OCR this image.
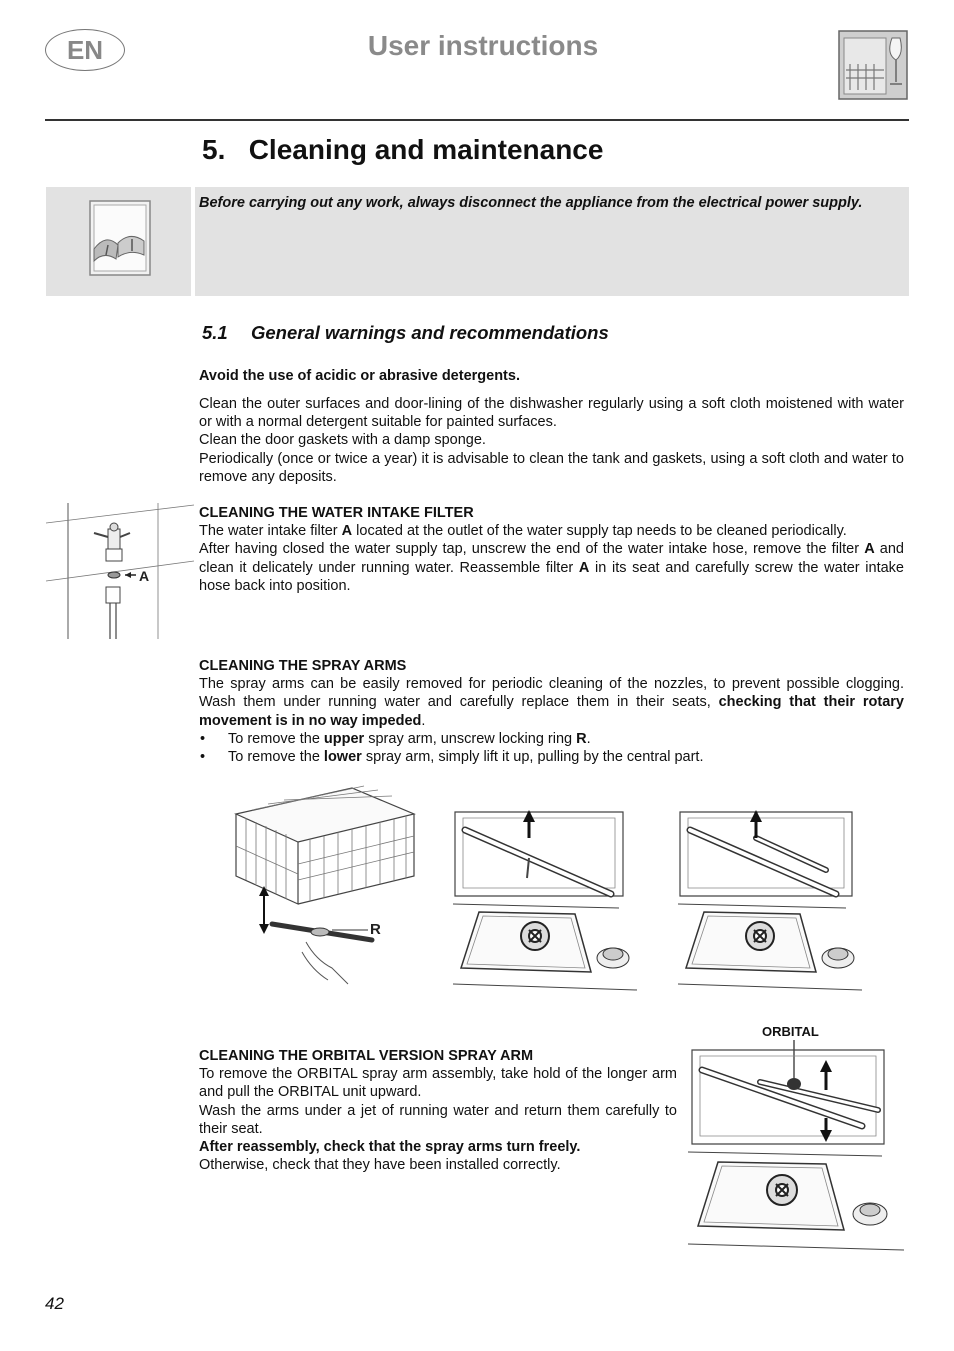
EN	User instructions
5. Cleaning and maintenance
Before carrying out any work, always disconnect the appliance from the electrical power supply.
5.1 General warnings and recommendations
Avoid the use of acidic or abrasive detergents.

Clean the outer surfaces and door-lining of the dishwasher regularly using a soft cloth moistened with water or with a normal detergent suitable for painted surfaces.

Clean the door gaskets with a damp sponge.

Periodically (once or twice a year) it is advisable to clean the tank and gaskets, using a soft cloth and water to remove any deposits.

A

CLEANING THE WATER INTAKE FILTER

The water intake filter A located at the outlet of the water supply tap needs to be cleaned periodically.

After having closed the water supply tap, unscrew the end of the water intake hose, remove the filter A and clean it delicately under running water. Reassemble filter A in its seat and carefully screw the water intake hose back into position.

CLEANING THE SPRAY ARMS

The spray arms can be easily removed for periodic cleaning of the nozzles, to prevent possible clogging. Wash them under running water and carefully replace them in their seats, checking that their rotary movement is in no way impeded.

• To remove the upper spray arm, unscrew locking ring R.

• To remove the lower spray arm, simply lift it up, pulling by the central part.

R

CLEANING THE ORBITAL VERSION SPRAY ARM

To remove the ORBITAL spray arm assembly, take hold of the longer arm and pull the ORBITAL unit upward.

Wash the arms under a jet of running water and return them carefully to their seat.

After reassembly, check that the spray arms turn freely.

Otherwise, check that they have been installed correctly.

ORBITAL
42
